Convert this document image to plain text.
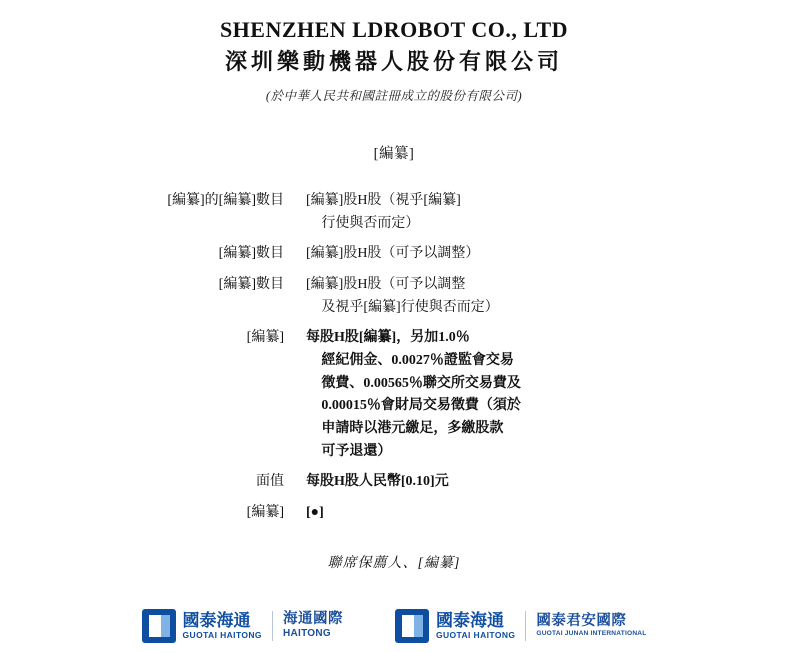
SHENZHEN LDROBOT CO., LTD
深圳樂動機器人股份有限公司
(於中華人民共和國註冊成立的股份有限公司)
[編纂]
[編纂]的[編纂]數目	[編纂]股H股（視乎[編纂]
行使與否而定）

[編纂]數目	[編纂]股H股（可予以調整）

[編纂]數目	[編纂]股H股（可予以調整
及視乎[編纂]行使與否而定）

[編纂]	每股H股[編纂]，另加1.0％
經紀佣金、0.0027％證監會交易
徵費、0.00565％聯交所交易費及
0.00015％會財局交易徵費（須於
申請時以港元繳足，多繳股款
可予退還）

面值	每股H股人民幣[0.10]元

[編纂]	[●]
聯席保薦人、[編纂]
國泰海通
GUOTAI HAITONG
海通國際
HAITONG
國泰海通
GUOTAI HAITONG
國泰君安國際
GUOTAI JUNAN INTERNATIONAL
